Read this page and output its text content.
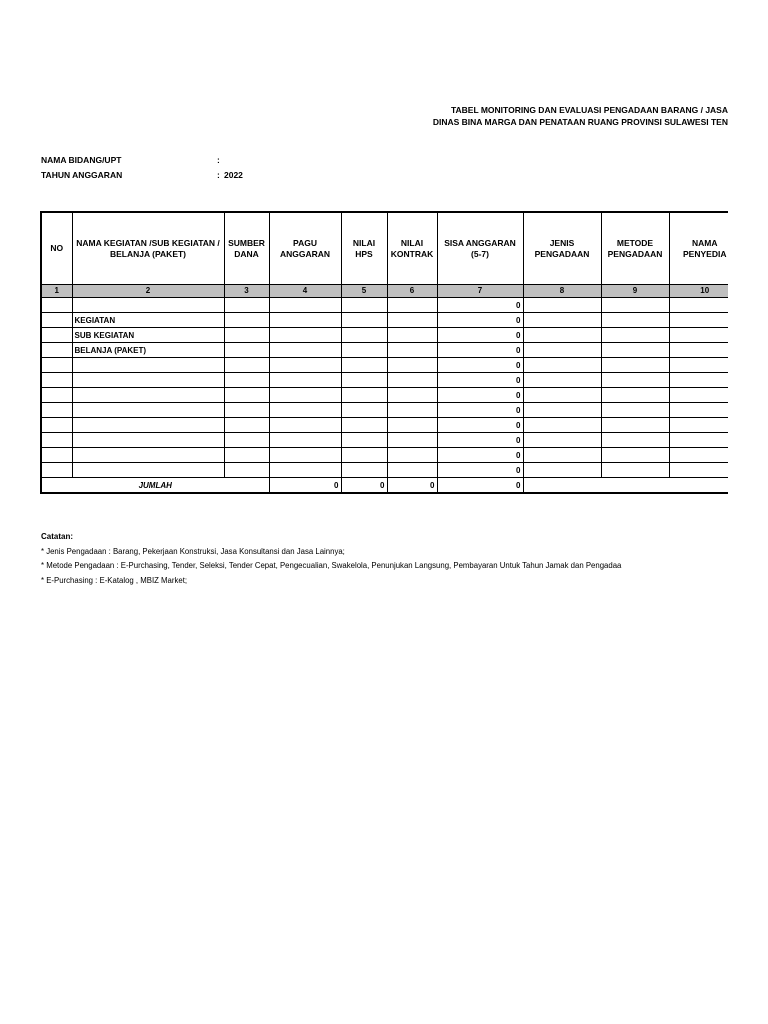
TABEL MONITORING DAN EVALUASI PENGADAAN BARANG / JASA
DINAS BINA MARGA DAN PENATAAN RUANG PROVINSI SULAWESI TEN
NAMA BIDANG/UPT	:
TAHUN ANGGARAN	: 2022
NO	NAMA KEGIATAN /SUB KEGIATAN / BELANJA (PAKET)	SUMBER DANA	PAGU ANGGARAN	NILAI HPS	NILAI KONTRAK	SISA ANGGARAN (5-7)	JENIS PENGADAAN	METODE PENGADAAN	NAMA PENYEDIA
1	2	3	4	5	6	7	8	9	10
						0			
	KEGIATAN					0			
	SUB KEGIATAN					0			
	BELANJA (PAKET)					0			
						0			
						0			
						0			
						0			
						0			
						0			
						0			
						0			
JUMLAH			0	0	0	0			
Catatan:
* Jenis Pengadaan : Barang, Pekerjaan Konstruksi, Jasa Konsultansi dan Jasa Lainnya;
* Metode Pengadaan : E-Purchasing, Tender, Seleksi, Tender Cepat, Pengecualian, Swakelola, Penunjukan Langsung, Pembayaran Untuk Tahun Jamak dan Pengadaa
* E-Purchasing : E-Katalog , MBIZ Market;
